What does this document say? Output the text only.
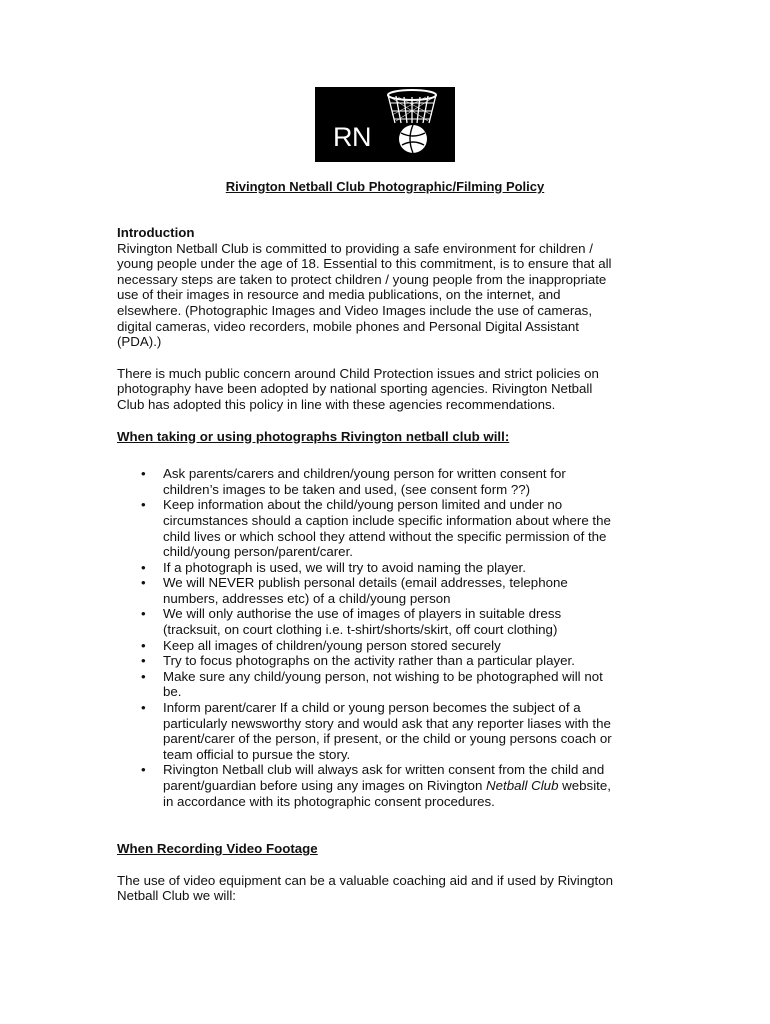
RN
Rivington Netball Club Photographic/Filming Policy

Introduction

Rivington Netball Club is committed to providing a safe environment for children /

young people under the age of 18. Essential to this commitment, is to ensure that all

necessary steps are taken to protect children / young people from the inappropriate

use of their images in resource and media publications, on the internet, and

elsewhere. (Photographic Images and Video Images include the use of cameras,

digital cameras, video recorders, mobile phones and Personal Digital Assistant

(PDA).)

There is much public concern around Child Protection issues and strict policies on

photography have been adopted by national sporting agencies. Rivington Netball

Club has adopted this policy in line with these agencies recommendations.

When taking or using photographs Rivington netball club will:

• Ask parents/carers and children/young person for written consent for

children’s images to be taken and used, (see consent form ??)

• Keep information about the child/young person limited and under no

circumstances should a caption include specific information about where the

child lives or which school they attend without the specific permission of the

child/young person/parent/carer.

• If a photograph is used, we will try to avoid naming the player.

• We will NEVER publish personal details (email addresses, telephone

numbers, addresses etc) of a child/young person

• We will only authorise the use of images of players in suitable dress

(tracksuit, on court clothing i.e. t-shirt/shorts/skirt, off court clothing)

• Keep all images of children/young person stored securely

• Try to focus photographs on the activity rather than a particular player.

• Make sure any child/young person, not wishing to be photographed will not

be.

• Inform parent/carer If a child or young person becomes the subject of a

particularly newsworthy story and would ask that any reporter liases with the

parent/carer of the person, if present, or the child or young persons coach or

team official to pursue the story.

• Rivington Netball club will always ask for written consent from the child and

parent/guardian before using any images on Rivington Netball Club website,

in accordance with its photographic consent procedures.

When Recording Video Footage

The use of video equipment can be a valuable coaching aid and if used by Rivington

Netball Club we will:
